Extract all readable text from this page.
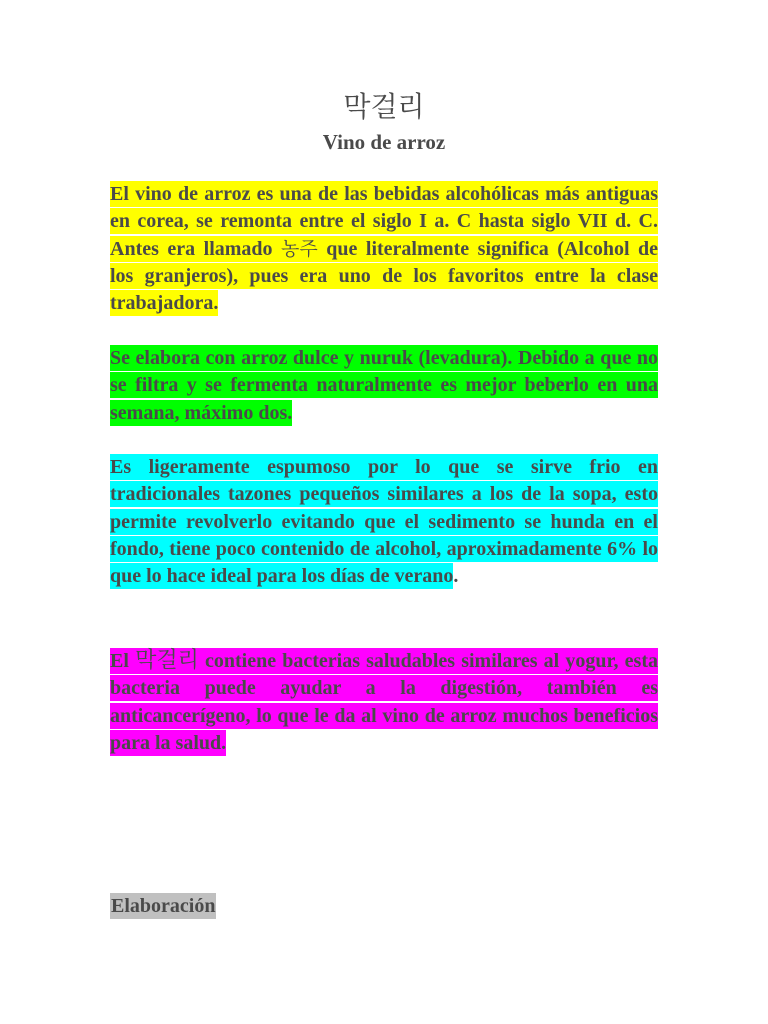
막걸리
Vino de arroz

El vino de arroz es una de las bebidas alcohólicas más antiguas en corea, se remonta entre el siglo I a. C hasta siglo VII d. C. Antes era llamado 농주 que literalmente significa (Alcohol de los granjeros), pues era uno de los favoritos entre la clase trabajadora.

Se elabora con arroz dulce y nuruk (levadura). Debido a que no se filtra y se fermenta naturalmente es mejor beberlo en una semana, máximo dos.

Es ligeramente espumoso por lo que se sirve frio en tradicionales tazones pequeños similares a los de la sopa, esto permite revolverlo evitando que el sedimento se hunda en el fondo, tiene poco contenido de alcohol, aproximadamente 6% lo que lo hace ideal para los días de verano.

El 막걸리 contiene bacterias saludables similares al yogur, esta bacteria puede ayudar a la digestión, también es anticancerígeno, lo que le da al vino de arroz muchos beneficios para la salud.

Elaboración
